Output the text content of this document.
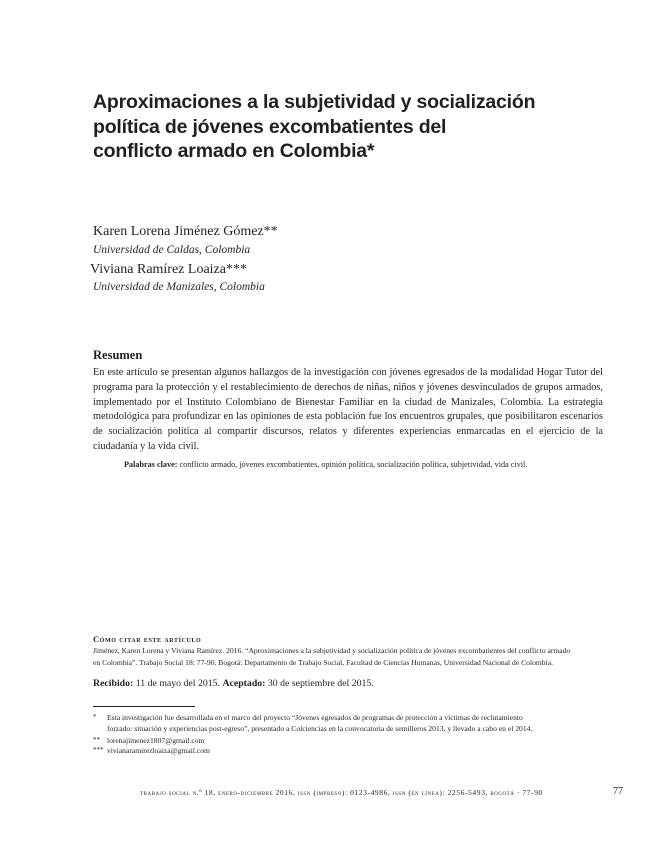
Aproximaciones a la subjetividad y socialización
política de jóvenes excombatientes del
conflicto armado en Colombia*
Karen Lorena Jiménez Gómez**
Universidad de Caldas, Colombia
Viviana Ramírez Loaiza***
Universidad de Manizales, Colombia
Resumen
En este artículo se presentan algunos hallazgos de la investigación con jóvenes egresados de la modalidad Hogar Tutor del programa para la protección y el restablecimiento de derechos de niñas, niños y jóvenes desvinculados de grupos armados, implementado por el Instituto Colombiano de Bienestar Familiar en la ciudad de Manizales, Colombia. La estrategia metodológica para profundizar en las opiniones de esta población fue los encuentros grupales, que posibilitaron escenarios de socialización política al compartir discursos, relatos y diferentes experiencias enmarcadas en el ejercicio de la ciudadanía y la vida civil.
Palabras clave: conflicto armado, jóvenes excombatientes, opinión política, socialización política, subjetividad, vida civil.
Cómo citar este artículo
Jiménez, Karen Lorena y Viviana Ramírez. 2016. “Aproximaciones a la subjetividad y socialización política de jóvenes excombatientes del conflicto armado
en Colombia”. Trabajo Social 18: 77-90. Bogotá: Departamento de Trabajo Social, Facultad de Ciencias Humanas, Universidad Nacional de Colombia.
Recibido: 11 de mayo del 2015. Aceptado: 30 de septiembre del 2015.
*	Esta investigación fue desarrollada en el marco del proyecto “Jóvenes egresados de programas de protección a víctimas de reclutamiento
forzado: situación y experiencias post-egreso”, presentado a Colciencias en la convocatoria de semilleros 2013, y llevado a cabo en el 2014.
** lorenajimenez1807@gmail.com
*** vivianaramirezloaiza@gmail.com
trabajo social n.º 18, enero-diciembre 2016, issn (impreso): 0123-4986, issn (en línea): 2256-5493, bogotá · 77-90	77
